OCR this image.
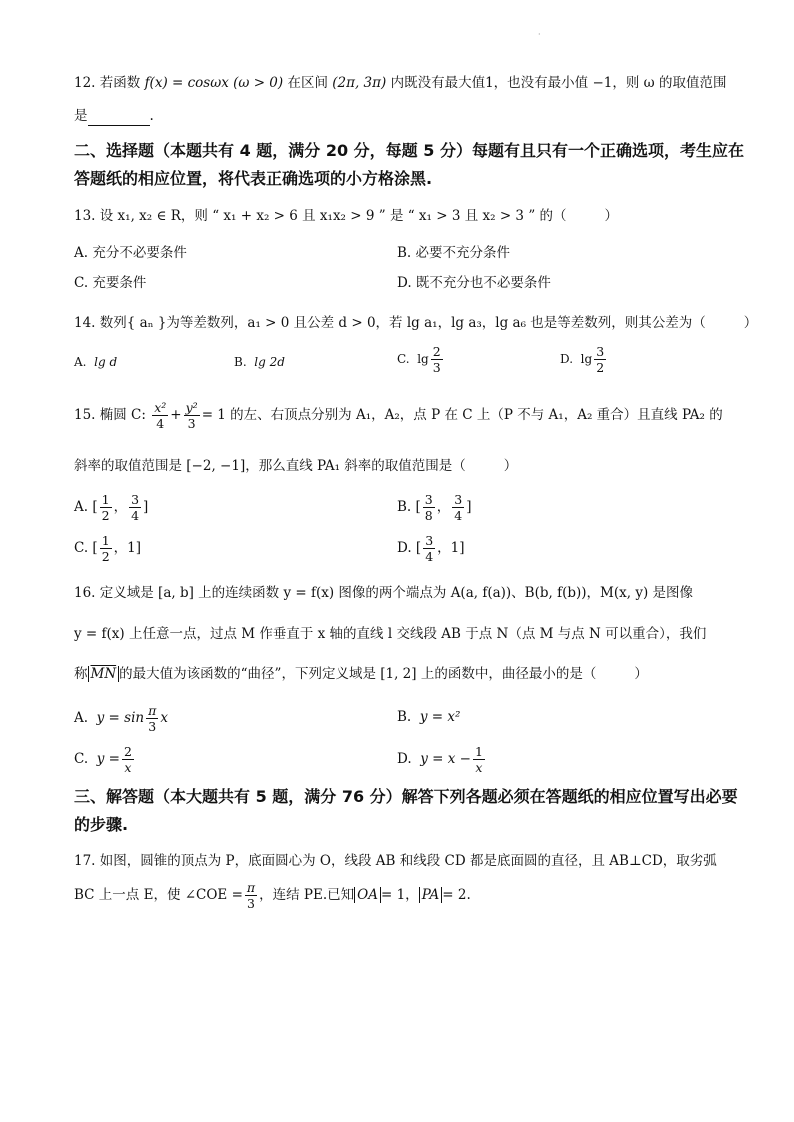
·
12. 若函数 f(x) = cosωx (ω > 0) 在区间 (2π, 3π) 内既没有最大值1，也没有最小值 −1，则 ω 的取值范围
是	.
二、选择题（本题共有 4 题，满分 20 分，每题 5 分）每题有且只有一个正确选项，考生应在
答题纸的相应位置，将代表正确选项的小方格涂黑.
13. 设 x₁, x₂ ∈ R，则 “ x₁ + x₂ > 6 且 x₁x₂ > 9 ” 是 “ x₁ > 3 且 x₂ > 3 ” 的（	）
A. 充分不必要条件	B. 必要不充分条件
C. 充要条件	D. 既不充分也不必要条件
14. 数列{ aₙ }为等差数列，a₁ > 0 且公差 d > 0，若 lg a₁，lg a₃，lg a₆ 也是等差数列，则其公差为（	）
A. lg d	B. lg 2d	C. $\lg \frac{2}{3}$	D. $\lg \frac{3}{2}$
15. 椭圆 C: $\frac{\text{x²}}{4} + \frac{\text{y²}}{3} = 1$ 的左、右顶点分别为 A₁，A₂，点 P 在 C 上（P 不与 A₁，A₂ 重合）且直线 PA₂ 的
斜率的取值范围是 [−2, −1]，那么直线 PA₁ 斜率的取值范围是（	）
A. [ $\frac{1}{2}$ ， $\frac{3}{4}$ ]	B. [ $\frac{3}{8}$ ， $\frac{3}{4}$ ]
C. [ $\frac{1}{2}$ ，1]	D. [ $\frac{3}{4}$ ，1]
16. 定义域是 [a, b] 上的连续函数 y = f(x) 图像的两个端点为 A(a, f(a))、B(b, f(b))，M(x, y) 是图像
y = f(x) 上任意一点，过点 M 作垂直于 x 轴的直线 l 交线段 AB 于点 N（点 M 与点 N 可以重合），我们
称 $\overline{MN}$ 的最大值为该函数的“曲径”，下列定义域是 [1, 2] 上的函数中，曲径最小的是（	）
A. $y = \sin \frac{\pi}{3}$ x	B. y = x²
C. $y = \frac{2}{x}$	D. $y = x - \frac{1}{x}$
三、解答题（本大题共有 5 题，满分 76 分）解答下列各题必须在答题纸的相应位置写出必要
的步骤.
17. 如图，圆锥的顶点为 P，底面圆心为 O，线段 AB 和线段 CD 都是底面圆的直径，且 AB⊥CD，取劣弧
BC 上一点 E，使 ∠COE = $\frac{\pi}{3}$ ，连结 PE.已知 OA = 1， PA = 2.
